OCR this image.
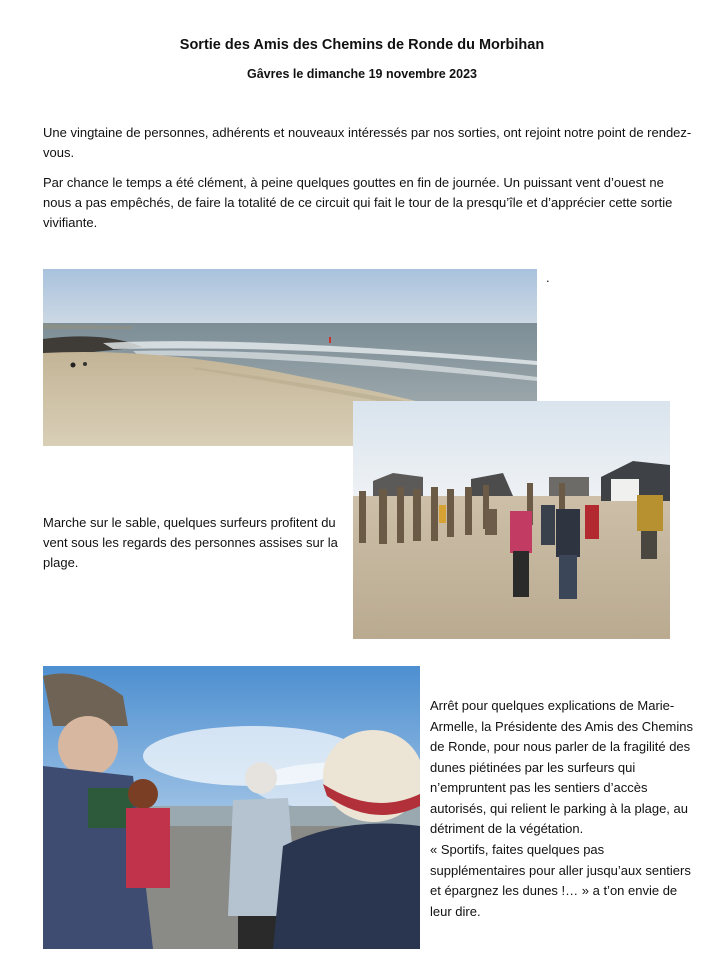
Sortie des Amis des Chemins de Ronde du Morbihan
Gâvres le dimanche 19 novembre 2023

Une vingtaine de personnes, adhérents et nouveaux intéressés par nos sorties, ont rejoint notre point de rendez-vous.

Par chance le temps a été clément, à peine quelques gouttes en fin de journée. Un puissant vent d’ouest ne nous a pas empêchés, de faire la totalité de ce circuit qui fait le tour de la presqu’île et d’apprécier cette sortie vivifiante.

.

Marche sur le sable, quelques surfeurs profitent du vent sous les regards des personnes assises sur la plage.

Arrêt pour quelques explications de Marie-Armelle, la Présidente des Amis des Chemins de Ronde, pour nous parler de la fragilité des dunes piétinées par les surfeurs qui n’empruntent pas les sentiers d’accès autorisés, qui relient le parking à la plage, au détriment de la végétation.

« Sportifs, faites quelques pas supplémentaires pour aller jusqu’aux sentiers et épargnez les dunes !… » a t’on envie de leur dire.
